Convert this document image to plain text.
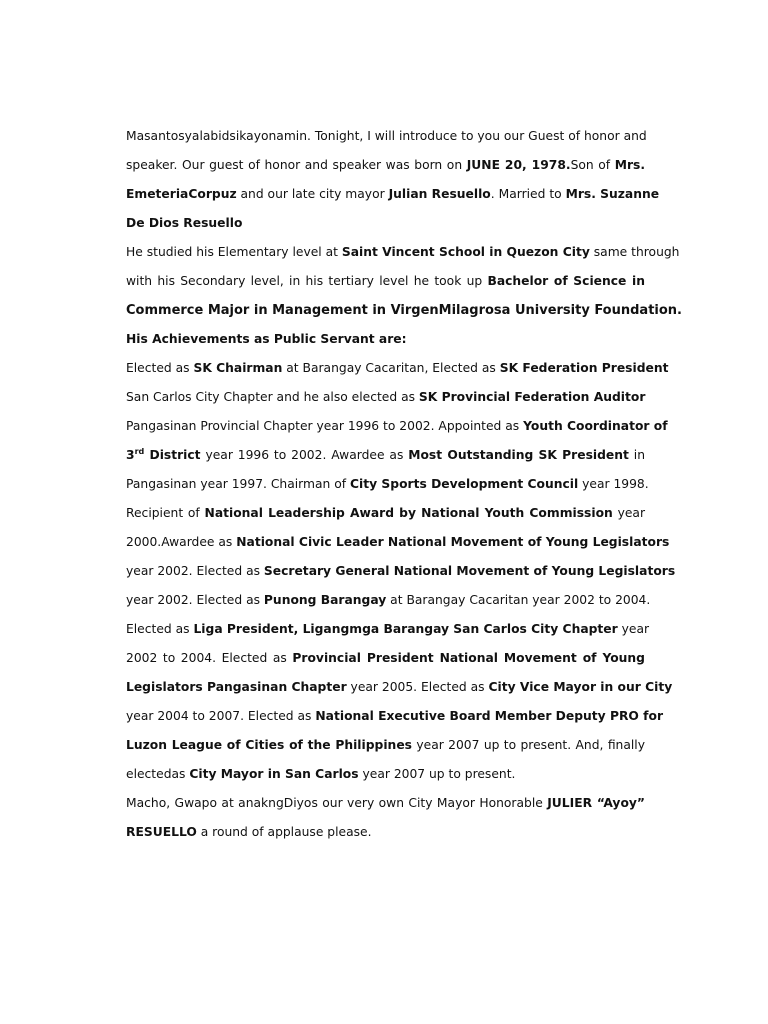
Masantosyalabidsikayonamin. Tonight, I will introduce to you our Guest of honor and
speaker. Our guest of honor and speaker was born on JUNE 20, 1978.Son of Mrs.
EmeteriaCorpuz and our late city mayor Julian Resuello. Married to Mrs. Suzanne
De Dios Resuello
He studied his Elementary level at Saint Vincent School in Quezon City same through
with his Secondary level, in his tertiary level he took up Bachelor of Science in
Commerce Major in Management in VirgenMilagrosa University Foundation.
His Achievements as Public Servant are:
Elected as SK Chairman at Barangay Cacaritan, Elected as SK Federation President
San Carlos City Chapter and he also elected as SK Provincial Federation Auditor
Pangasinan Provincial Chapter year 1996 to 2002. Appointed as Youth Coordinator of
3rd District year 1996 to 2002. Awardee as Most Outstanding SK President in
Pangasinan year 1997. Chairman of City Sports Development Council year 1998.
Recipient of National Leadership Award by National Youth Commission year
2000.Awardee as National Civic Leader National Movement of Young Legislators
year 2002. Elected as Secretary General National Movement of Young Legislators
year 2002. Elected as Punong Barangay at Barangay Cacaritan year 2002 to 2004.
Elected as Liga President, Ligangmga Barangay San Carlos City Chapter year
2002 to 2004. Elected as Provincial President National Movement of Young
Legislators Pangasinan Chapter year 2005. Elected as City Vice Mayor in our City
year 2004 to 2007. Elected as National Executive Board Member Deputy PRO for
Luzon League of Cities of the Philippines year 2007 up to present. And, finally
electedas City Mayor in San Carlos year 2007 up to present.
Macho, Gwapo at anakngDiyos our very own City Mayor Honorable JULIER “Ayoy”
RESUELLO a round of applause please.
